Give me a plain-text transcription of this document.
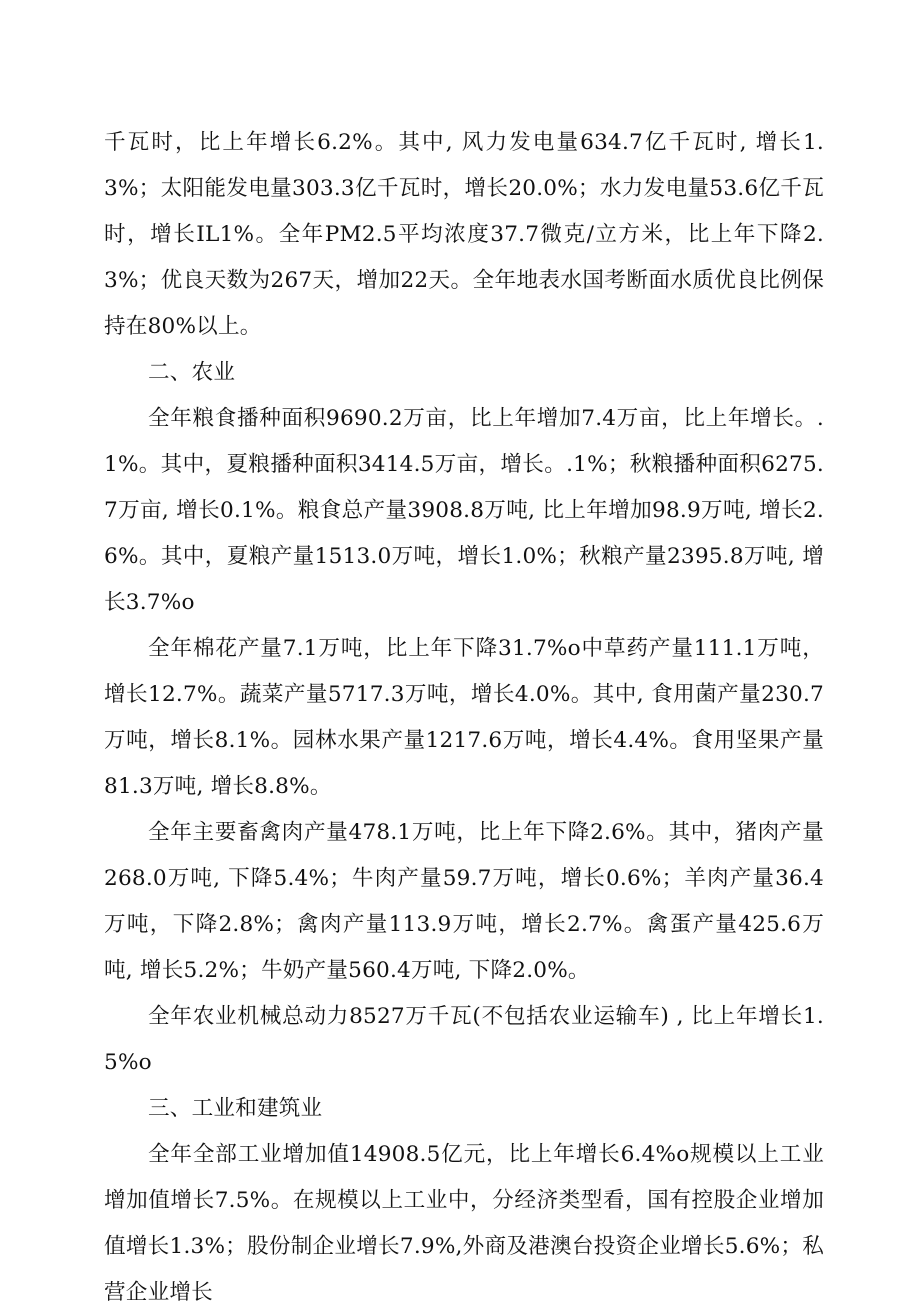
千瓦时，比上年增长6.2%。其中, 风力发电量634.7亿千瓦时, 增长1.3%；太阳能发电量303.3亿千瓦时，增长20.0%；水力发电量53.6亿千瓦时，增长IL1%。全年PM2.5平均浓度37.7微克/立方米，比上年下降2.3%；优良天数为267天，增加22天。全年地表水国考断面水质优良比例保持在80%以上。

二、农业

全年粮食播种面积9690.2万亩，比上年增加7.4万亩，比上年增长。. 1%。其中，夏粮播种面积3414.5万亩，增长。.1%；秋粮播种面积6275.7万亩, 增长0.1%。粮食总产量3908.8万吨, 比上年增加98.9万吨, 增长2.6%。其中，夏粮产量1513.0万吨，增长1.0%；秋粮产量2395.8万吨, 增长3.7%o

全年棉花产量7.1万吨，比上年下降31.7%o中草药产量111.1万吨，增长12.7%。蔬菜产量5717.3万吨，增长4.0%。其中, 食用菌产量230.7万吨，增长8.1%。园林水果产量1217.6万吨，增长4.4%。食用坚果产量81.3万吨, 增长8.8%。

全年主要畜禽肉产量478.1万吨，比上年下降2.6%。其中，猪肉产量268.0万吨, 下降5.4%；牛肉产量59.7万吨，增长0.6%；羊肉产量36.4万吨，下降2.8%；禽肉产量113.9万吨，增长2.7%。禽蛋产量425.6万吨, 增长5.2%；牛奶产量560.4万吨, 下降2.0%。

全年农业机械总动力8527万千瓦(不包括农业运输车) , 比上年增长1.5%o

三、工业和建筑业

全年全部工业增加值14908.5亿元，比上年增长6.4%o规模以上工业增加值增长7.5%。在规模以上工业中，分经济类型看，国有控股企业增加值增长1.3%；股份制企业增长7.9%,外商及港澳台投资企业增长5.6%；私营企业增长
